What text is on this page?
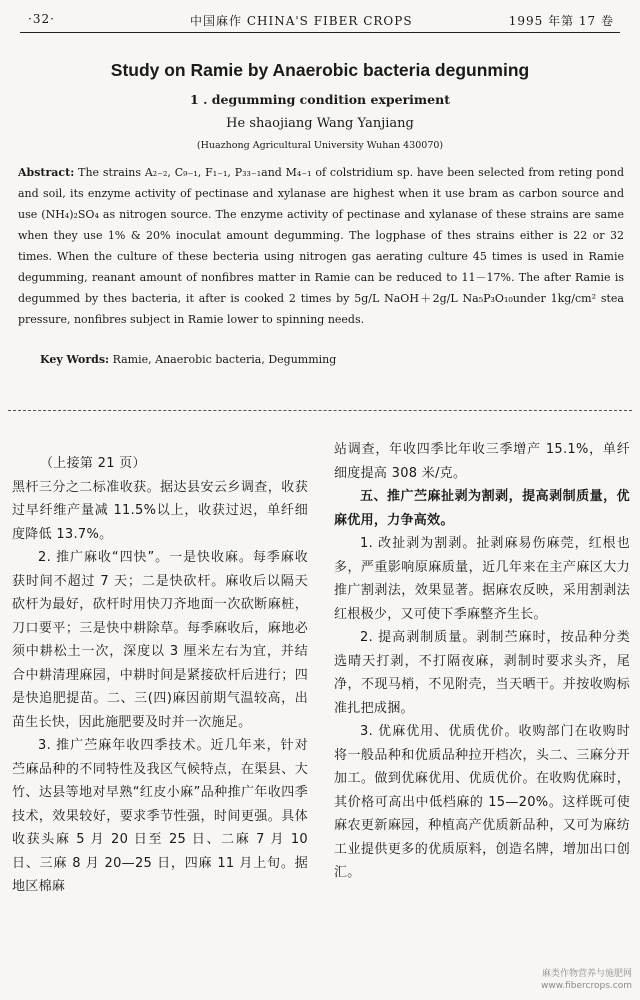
·32·	中国麻作 CHINA'S FIBER CROPS	1995 年第 17 卷
Study on Ramie by Anaerobic bacteria degunming
1 . degumming condition experiment
He shaojiang Wang Yanjiang
(Huazhong Agricultural University Wuhan 430070)
Abstract: The strains A₂₋₂, C₉₋₁, F₁₋₁, P₃₃₋₁and M₄₋₁ of colstridium sp. have been selected from reting pond and soil, its enzyme activity of pectinase and xylanase are highest when it use bram as carbon source and use (NH₄)₂SO₄ as nitrogen source. The enzyme activity of pectinase and xylanase of these strains are same when they use 1% & 20% inoculat amount degumming. The logphase of thes strains either is 22 or 32 times. When the culture of these becteria using nitrogen gas aerating culture 45 times is used in Ramie degumming, reanant amount of nonfibres matter in Ramie can be reduced to 11－17%. The after Ramie is degummed by thes bacteria, it after is cooked 2 times by 5g/L NaOH＋2g/L Na₅P₃O₁₀under 1kg/cm² stea pressure, nonfibres subject in Ramie lower to spinning needs.
Key Words: Ramie, Anaerobic bacteria, Degumming

（上接第 21 页）

黑杆三分之二标准收获。据达县安云乡调查，收获过早纤维产量减 11.5%以上，收获过迟，单纤细度降低 13.7%。

2. 推广麻收“四快”。一是快收麻。每季麻收获时间不超过 7 天；二是快砍杆。麻收后以隔天砍杆为最好，砍杆时用快刀齐地面一次砍断麻桩，刀口要平；三是快中耕除草。每季麻收后，麻地必须中耕松土一次，深度以 3 厘米左右为宜，并结合中耕清理麻园，中耕时间是紧接砍杆后进行；四是快追肥提苗。二、三(四)麻因前期气温较高，出苗生长快，因此施肥要及时并一次施足。

3. 推广苎麻年收四季技术。近几年来，针对苎麻品种的不同特性及我区气候特点，在渠县、大竹、达县等地对早熟“红皮小麻”品种推广年收四季技术，效果较好，要求季节性强，时间更强。具体收获头麻 5 月 20 日至 25 日、二麻 7 月 10 日、三麻 8 月 20—25 日，四麻 11 月上旬。据地区棉麻

站调查，年收四季比年收三季增产 15.1%，单纤细度提高 308 米/克。

五、推广苎麻扯剥为割剥，提高剥制质量，优麻优用，力争高效。

1. 改扯剥为割剥。扯剥麻易伤麻莞，红根也多，严重影响原麻质量，近几年来在主产麻区大力推广割剥法，效果显著。据麻农反映，采用割剥法红根极少，又可使下季麻整齐生长。

2. 提高剥制质量。剥制苎麻时，按品种分类选晴天打剥，不打隔夜麻，剥制时要求头齐，尾净，不现马梢，不见附壳，当天晒干。并按收购标准扎把成捆。

3. 优麻优用、优质优价。收购部门在收购时将一般品种和优质品种拉开档次，头二、三麻分开加工。做到优麻优用、优质优价。在收购优麻时，其价格可高出中低档麻的 15—20%。这样既可使麻农更新麻园，种植高产优质新品种，又可为麻纺工业提供更多的优质原料，创造名牌，增加出口创汇。

麻类作物营养与施肥网
www.fibercrops.com
